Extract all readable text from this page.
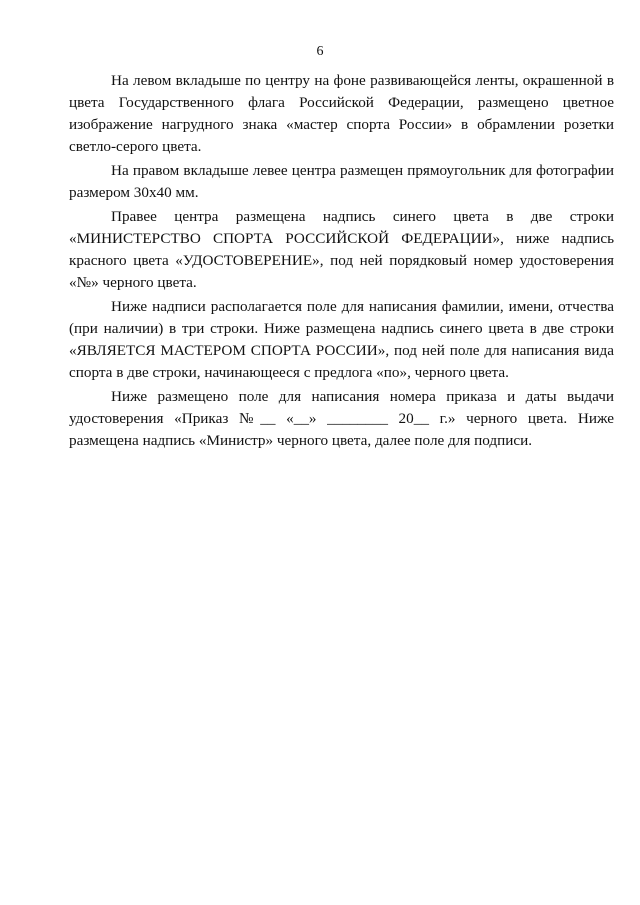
6

На левом вкладыше по центру на фоне развивающейся ленты, окрашенной в цвета Государственного флага Российской Федерации, размещено цветное изображение нагрудного знака «мастер спорта России» в обрамлении розетки светло-серого цвета.

На правом вкладыше левее центра размещен прямоугольник для фотографии размером 30х40 мм.

Правее центра размещена надпись синего цвета в две строки «МИНИСТЕРСТВО СПОРТА РОССИЙСКОЙ ФЕДЕРАЦИИ», ниже надпись красного цвета «УДОСТОВЕРЕНИЕ», под ней порядковый номер удостоверения «№» черного цвета.

Ниже надписи располагается поле для написания фамилии, имени, отчества (при наличии) в три строки. Ниже размещена надпись синего цвета в две строки «ЯВЛЯЕТСЯ МАСТЕРОМ СПОРТА РОССИИ», под ней поле для написания вида спорта в две строки, начинающееся с предлога «по», черного цвета.

Ниже размещено поле для написания номера приказа и даты выдачи удостоверения «Приказ №__ «__» ________ 20__ г.» черного цвета. Ниже размещена надпись «Министр» черного цвета, далее поле для подписи.
